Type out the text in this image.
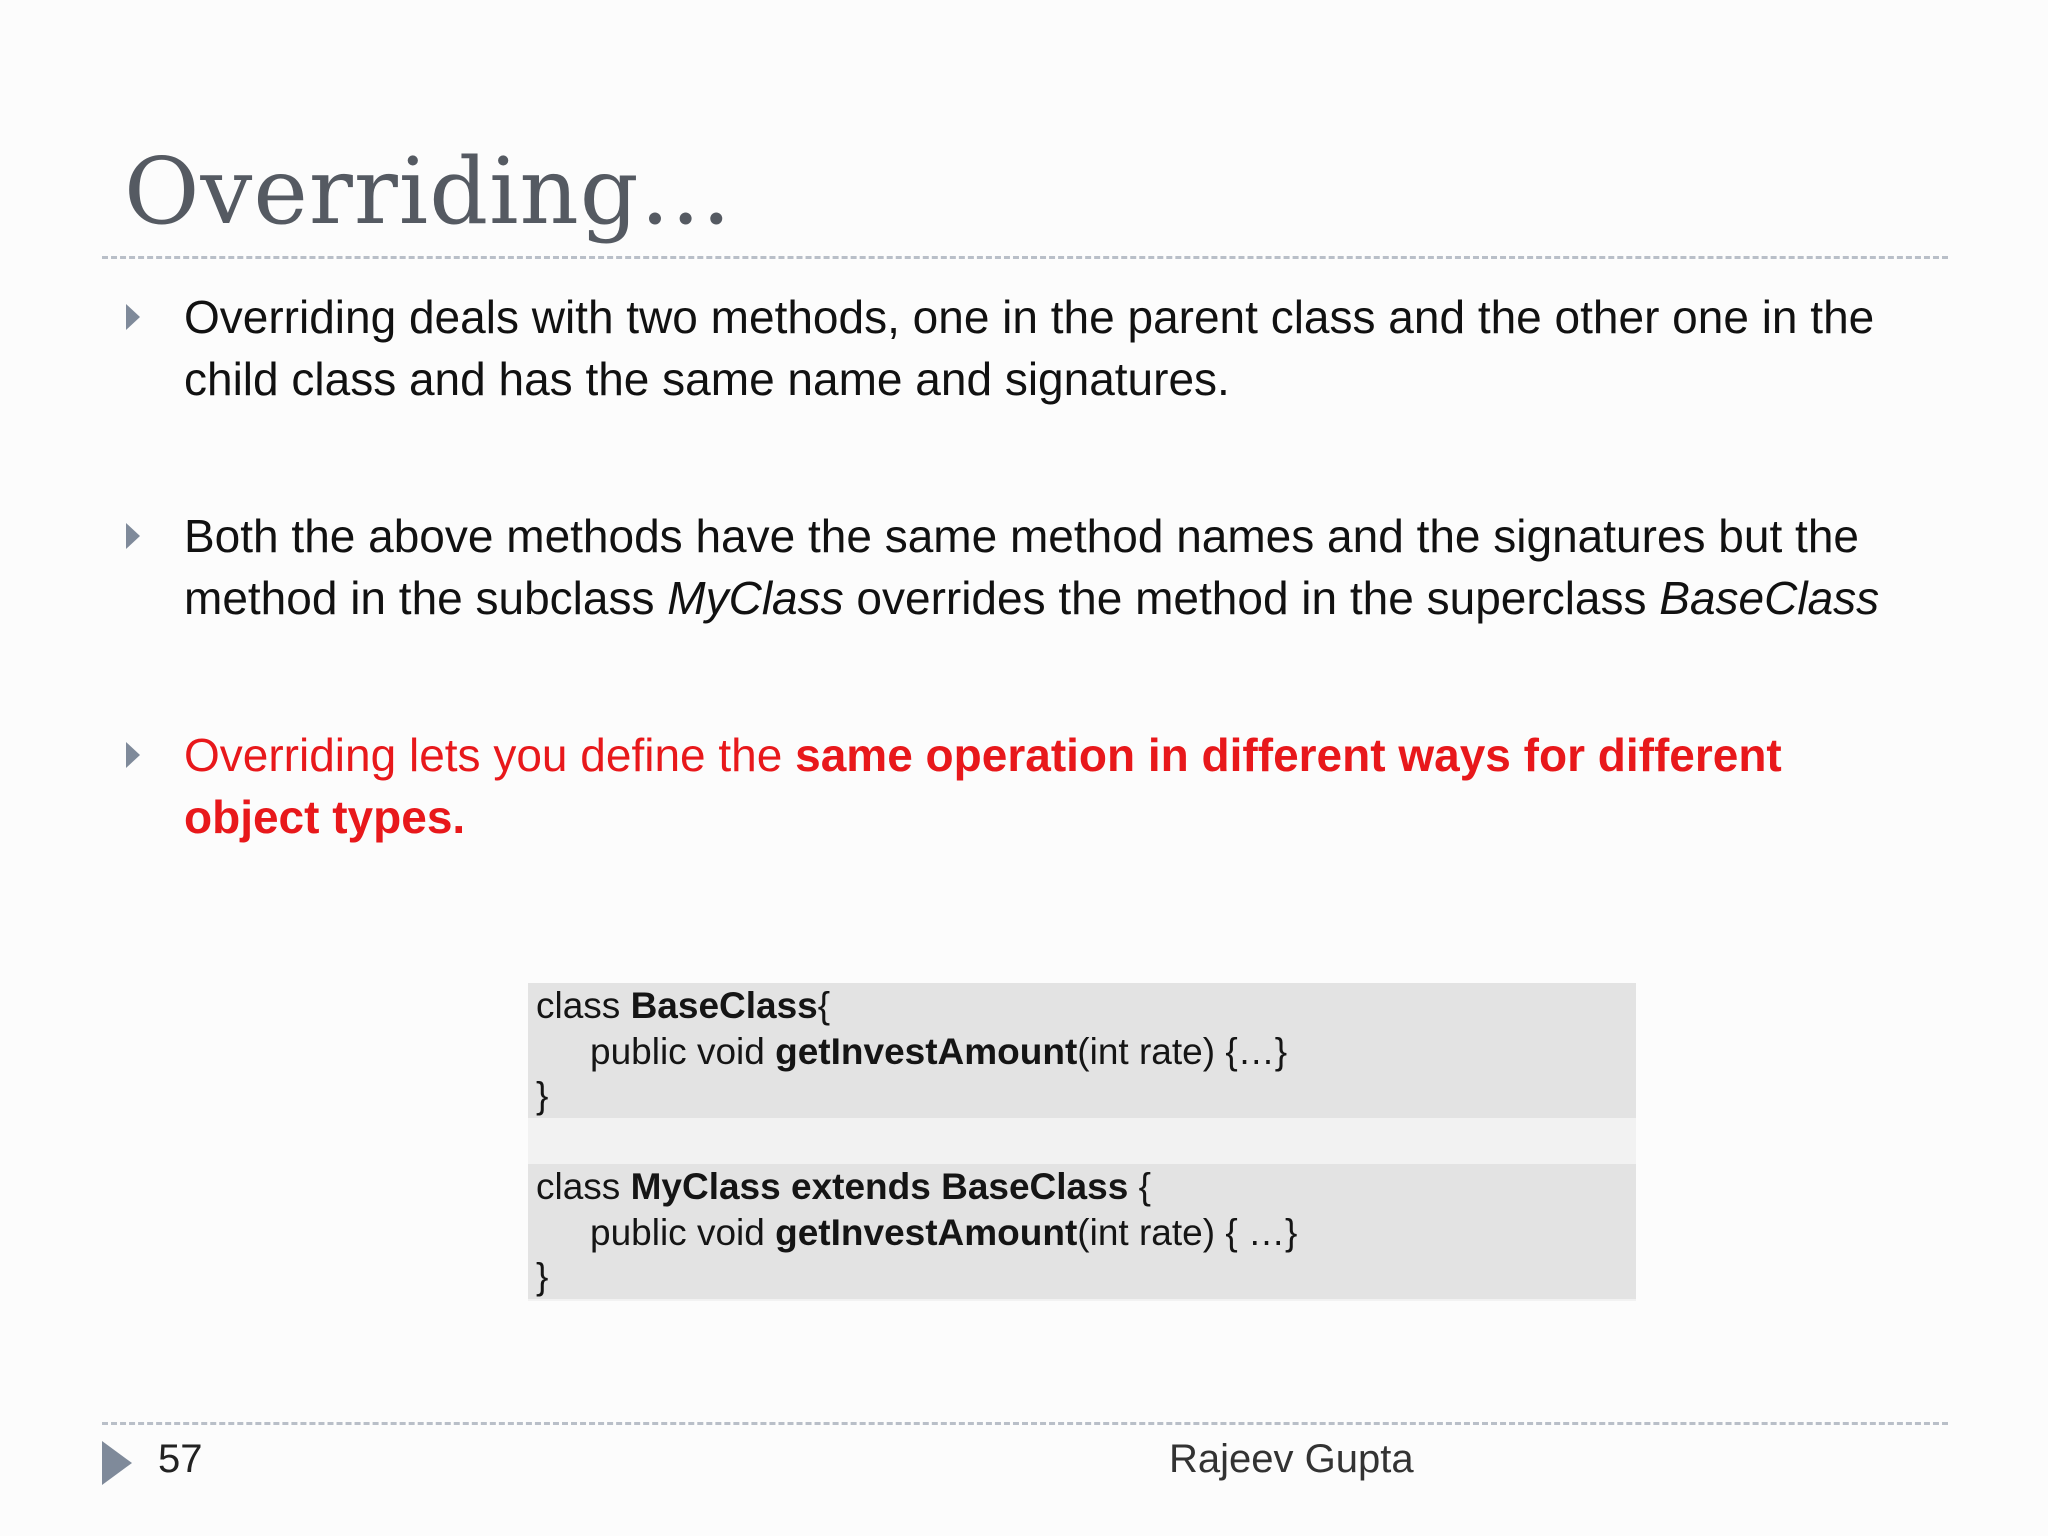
Overriding…
Overriding deals with two methods, one in the parent class and the other one in the child class and has the same name and signatures.
Both the above methods have the same method names and the signatures but the method in the subclass MyClass overrides the method in the superclass BaseClass
Overriding lets you define the same operation in different ways for different object types.
class BaseClass{
public void getInvestAmount(int rate) {…}
}
class MyClass extends BaseClass {
public void getInvestAmount(int rate) { …}
}
57	Rajeev Gupta
